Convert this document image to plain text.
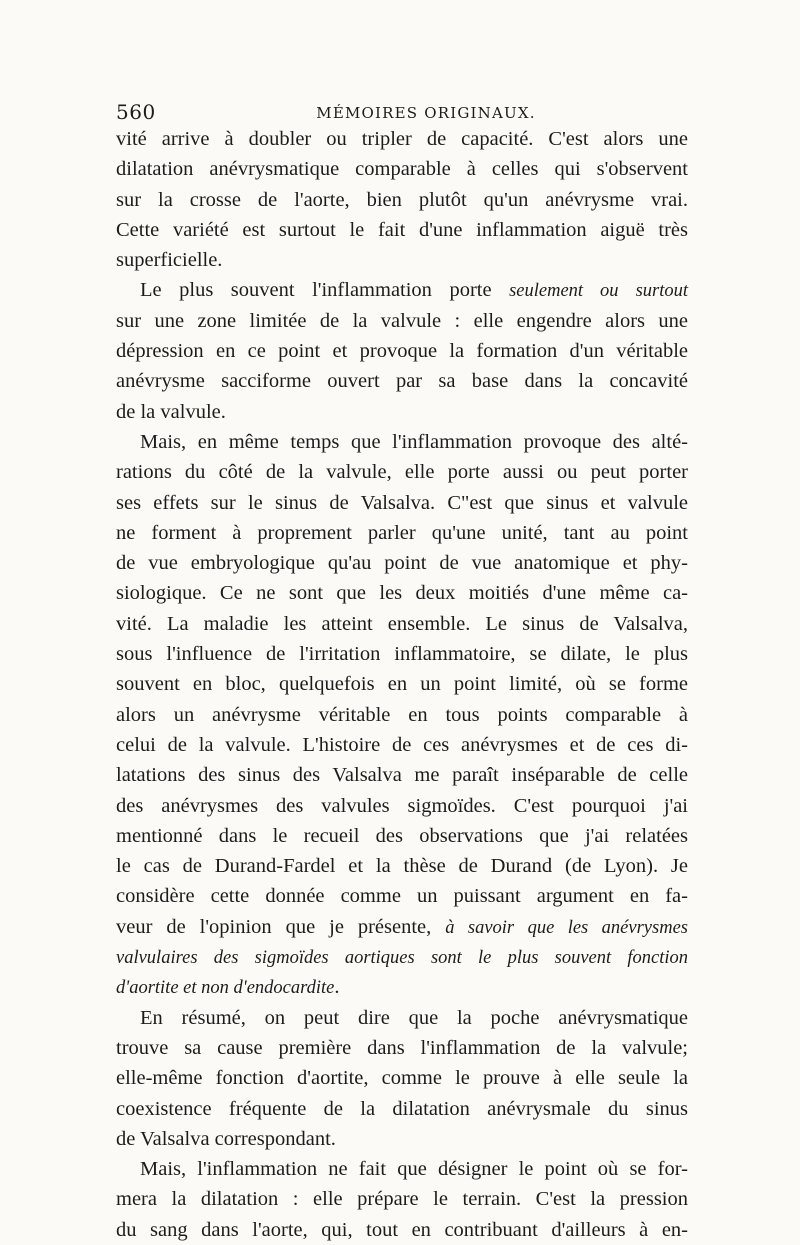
560	MÉMOIRES ORIGINAUX.
vité arrive à doubler ou tripler de capacité. C'est alors une
dilatation anévrysmatique comparable à celles qui s'observent
sur la crosse de l'aorte, bien plutôt qu'un anévrysme vrai.
Cette variété est surtout le fait d'une inflammation aiguë très
superficielle.
Le plus souvent l'inflammation porte seulement ou surtout
sur une zone limitée de la valvule : elle engendre alors une
dépression en ce point et provoque la formation d'un véritable
anévrysme sacciforme ouvert par sa base dans la concavité
de la valvule.
Mais, en même temps que l'inflammation provoque des alté-
rations du côté de la valvule, elle porte aussi ou peut porter
ses effets sur le sinus de Valsalva. C"est que sinus et valvule
ne forment à proprement parler qu'une unité, tant au point
de vue embryologique qu'au point de vue anatomique et phy-
siologique. Ce ne sont que les deux moitiés d'une même ca-
vité. La maladie les atteint ensemble. Le sinus de Valsalva,
sous l'influence de l'irritation inflammatoire, se dilate, le plus
souvent en bloc, quelquefois en un point limité, où se forme
alors un anévrysme véritable en tous points comparable à
celui de la valvule. L'histoire de ces anévrysmes et de ces di-
latations des sinus des Valsalva me paraît inséparable de celle
des anévrysmes des valvules sigmoïdes. C'est pourquoi j'ai
mentionné dans le recueil des observations que j'ai relatées
le cas de Durand-Fardel et la thèse de Durand (de Lyon). Je
considère cette donnée comme un puissant argument en fa-
veur de l'opinion que je présente, à savoir que les anévrysmes
valvulaires des sigmoïdes aortiques sont le plus souvent fonction
d'aortite et non d'endocardite.
En résumé, on peut dire que la poche anévrysmatique
trouve sa cause première dans l'inflammation de la valvule;
elle-même fonction d'aortite, comme le prouve à elle seule la
coexistence fréquente de la dilatation anévrysmale du sinus
de Valsalva correspondant.
Mais, l'inflammation ne fait que désigner le point où se for-
mera la dilatation : elle prépare le terrain. C'est la pression
du sang dans l'aorte, qui, tout en contribuant d'ailleurs à en-
